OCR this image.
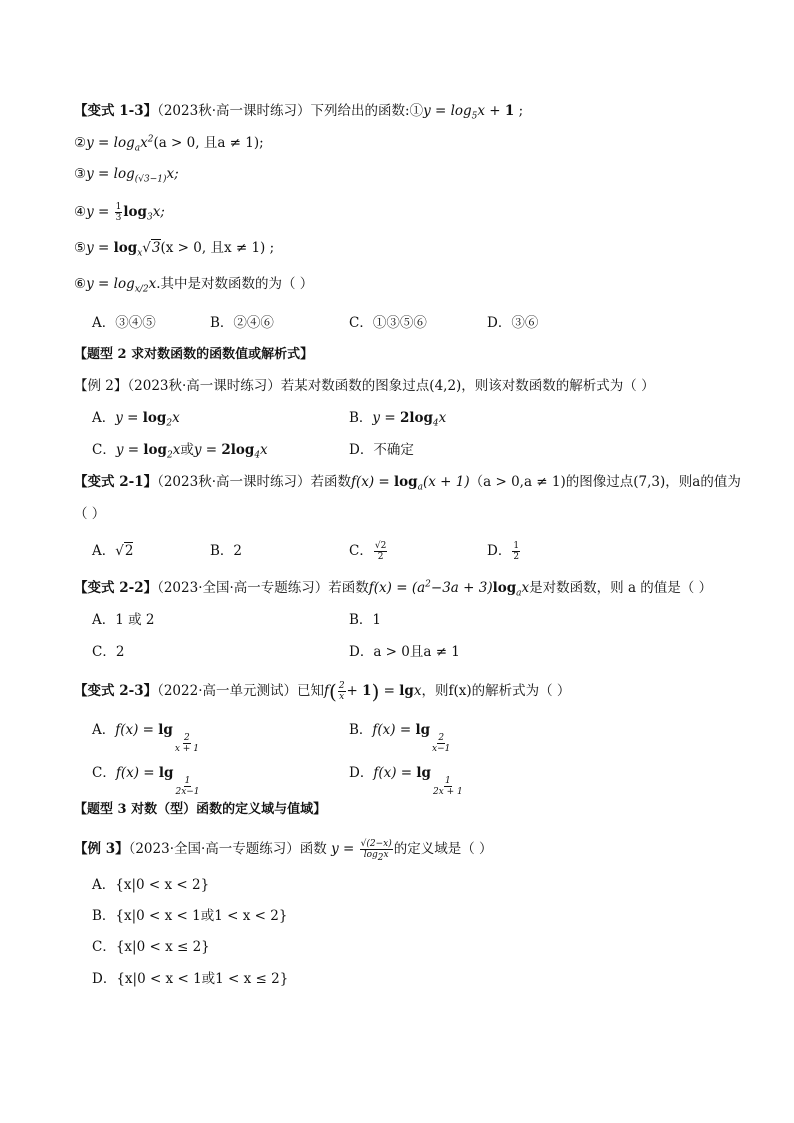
【变式 1-3】（2023秋·高一课时练习）下列给出的函数:①y = $\log_5x + 1$ ;
②y = $\log_ax^2(a > 0$, 且a ≠ 1);
③y = $\log_{(√3-1)}x$;
④y = $\frac{1}{3} \log_3x$;
⑤y = $\log_x√3(x > 0$, 且x ≠ 1) ;
⑥y = $\log_{x/2}x$.其中是对数函数的为（ ）
A．③④⑤	B．②④⑥	C．①③⑤⑥	D．③⑥
【题型 2 求对数函数的函数值或解析式】
【例 2】（2023秋·高一课时练习）若某对数函数的图象过点(4,2)，则该对数函数的解析式为（ ）
A．$y = \log_2x$	B．$y = 2\log_4x$
C．$y = \log_2x$或$y = 2\log_4x$	D．不确定
【变式 2-1】（2023秋·高一课时练习）若函数$f(x) = \log_a(x + 1)(a > 0,a \ne 1)$的图像过点(7,3)，则a的值为
（ ）
A．√2	B．2	C． $\frac{√2}{2}$	D． $\frac{1}{2}$
【变式 2-2】（2023·全国·高一专题练习）若函数$f(x) = (a^2-3a + 3)\log_ax$是对数函数，则 a 的值是（ ）
A．1 或 2	B．1
C．2	D．a > 0且a ≠ 1
【变式 2-3】（2022·高一单元测试）已知$f( \frac{2}{x} + 1) = \lg x$，则f(x)的解析式为（ ）
A．f(x) = lg
$\frac{2}{x + 1}$
B．f(x) = lg
$\frac{2}{x-1}$
C．f(x) = lg
$\frac{1}{2x-1}$
D．f(x) = lg
$\frac{1}{2x + 1}$
【题型 3 对数（型）函数的定义域与值域】
【例 3】（2023·全国·高一专题练习）函数 $y = \frac{√(2-x)}{\log_2x}$ 的定义域是（ ）
A．{x|0 < x < 2}
B．{x|0 < x < 1或1 < x < 2}
C．{x|0 < x ≤ 2}
D．{x|0 < x < 1或1 < x ≤ 2}
